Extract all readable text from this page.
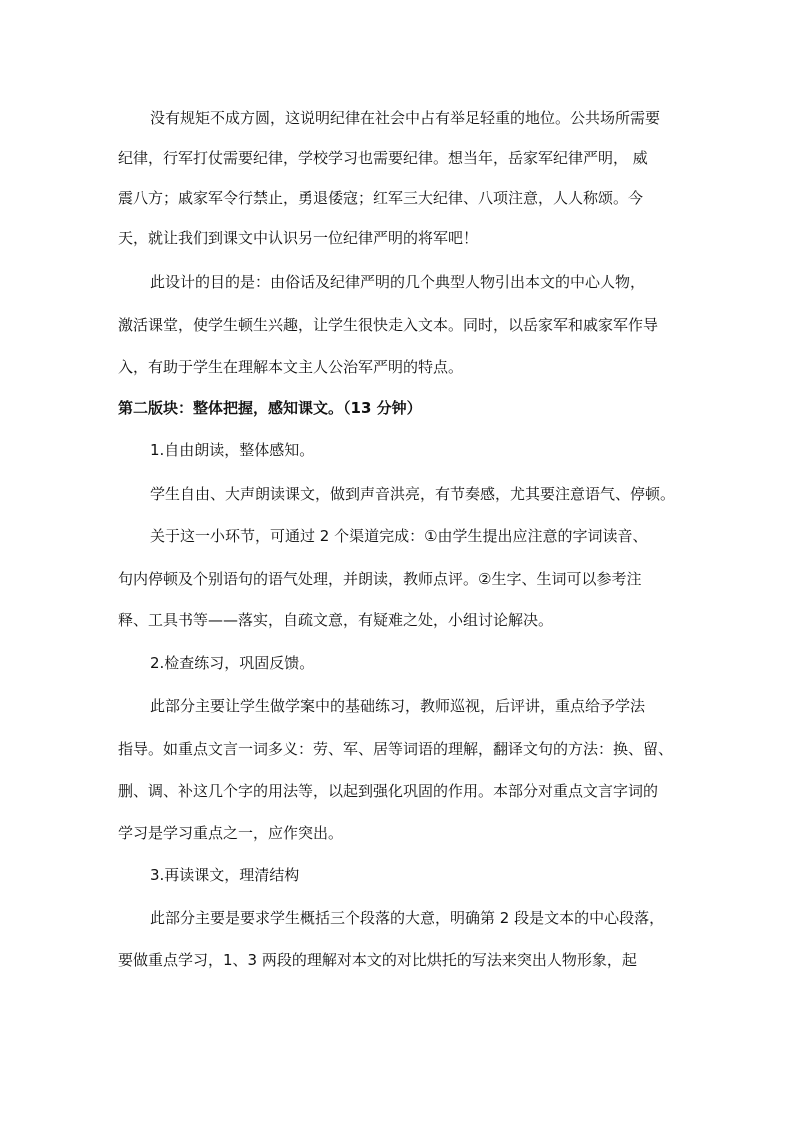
没有规矩不成方圆，这说明纪律在社会中占有举足轻重的地位。公共场所需要
纪律，行军打仗需要纪律，学校学习也需要纪律。想当年，岳家军纪律严明， 威
震八方；戚家军令行禁止，勇退倭寇；红军三大纪律、八项注意，人人称颂。今
天，就让我们到课文中认识另一位纪律严明的将军吧！
此设计的目的是：由俗话及纪律严明的几个典型人物引出本文的中心人物，
激活课堂，使学生顿生兴趣，让学生很快走入文本。同时，以岳家军和戚家军作导
入，有助于学生在理解本文主人公治军严明的特点。
第二版块：整体把握，感知课文。（13 分钟）
1.自由朗读，整体感知。
学生自由、大声朗读课文，做到声音洪亮，有节奏感，尤其要注意语气、停顿。
关于这一小环节，可通过 2 个渠道完成：①由学生提出应注意的字词读音、
句内停顿及个别语句的语气处理，并朗读，教师点评。②生字、生词可以参考注
释、工具书等——落实，自疏文意，有疑难之处，小组讨论解决。
2.检查练习，巩固反馈。
此部分主要让学生做学案中的基础练习，教师巡视，后评讲，重点给予学法
指导。如重点文言一词多义：劳、军、居等词语的理解，翻译文句的方法：换、留、
删、调、补这几个字的用法等，以起到强化巩固的作用。本部分对重点文言字词的
学习是学习重点之一，应作突出。
3.再读课文，理清结构
此部分主要是要求学生概括三个段落的大意，明确第 2 段是文本的中心段落，
要做重点学习，1、3 两段的理解对本文的对比烘托的写法来突出人物形象，起
